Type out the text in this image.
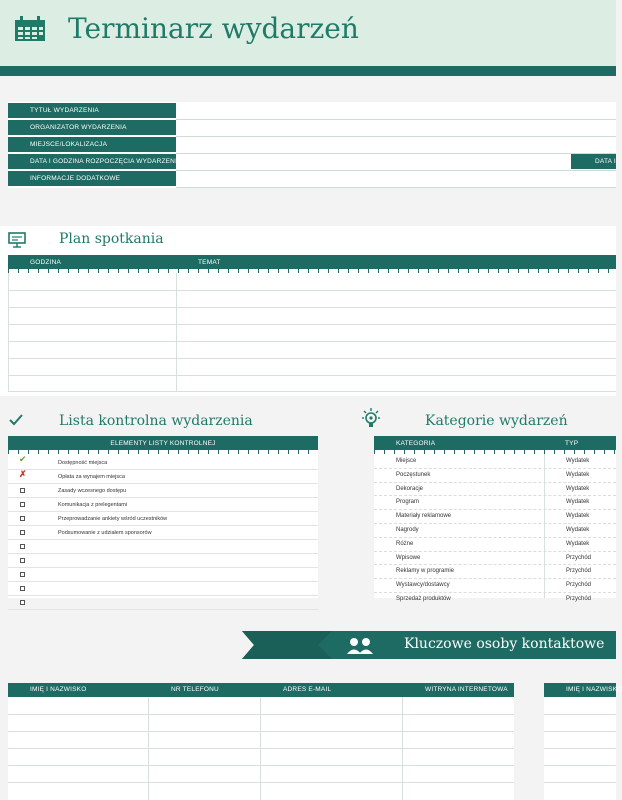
Terminarz wydarzeń
TYTUŁ WYDARZENIA
ORGANIZATOR WYDARZENIA
MIEJSCE/LOKALIZACJA
DATA I GODZINA ROZPOCZĘCIA WYDARZENIA
INFORMACJE DODATKOWE
DATA I
Plan spotkania
GODZINA	TEMAT
Lista kontrolna wydarzenia
ELEMENTY LISTY KONTROLNEJ
✔	Dostępność miejsca
✗	Opłata za wynajem miejsca
Zasady wczesnego dostępu
Komunikacja z prelegentami
Przeprowadzanie ankiety wśród uczestników
Podsumowanie z udziałem sponsorów
Kategorie wydarzeń
KATEGORIA	TYP
Miejsce	Wydatek
Poczęstunek	Wydatek
Dekoracje	Wydatek
Program	Wydatek
Materiały reklamowe	Wydatek
Nagrody	Wydatek
Różne	Wydatek
Wpisowe	Przychód
Reklamy w programie	Przychód
Wystawcy/dostawcy	Przychód
Sprzedaż produktów	Przychód
Kluczowe osoby kontaktowe
IMIĘ I NAZWISKO	NR TELEFONU	ADRES E-MAIL	WITRYNA INTERNETOWA	IMIĘ I NAZWISKO
